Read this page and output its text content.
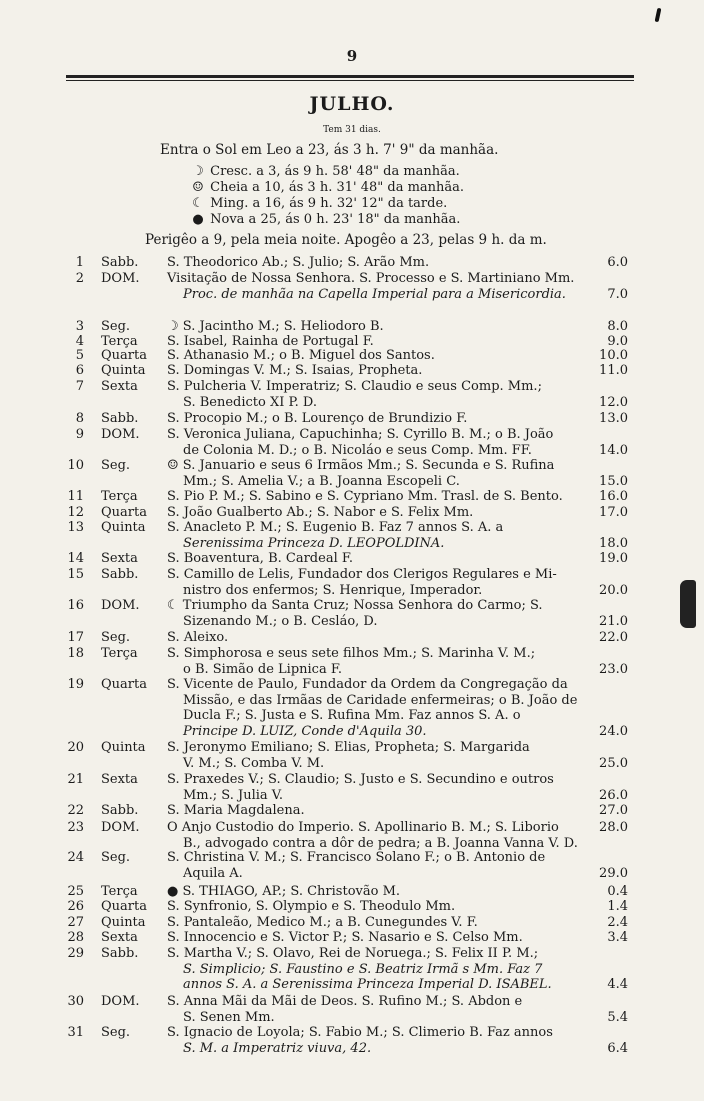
9
JULHO.
Tem 31 dias.
Entra o Sol em Leo a 23, ás 3 h. 7' 9" da manhãa.
☽ Cresc. a 3, ás 9 h. 58' 48" da manhãa.
☺ Cheia a 10, ás 3 h. 31' 48" da manhãa.
☾ Ming. a 16, ás 9 h. 32' 12" da tarde.
● Nova a 25, ás 0 h. 23' 18" da manhãa.
Perigêo a 9, pela meia noite. Apogêo a 23, pelas 9 h. da m.
1 Sabb. S. Theodorico Ab.; S. Julio; S. Arão Mm.	6.0
2 DOM. Visitação de Nossa Senhora. S. Processo e S. Martiniano Mm.
Proc. de manhãa na Capella Imperial para a Misericordia.	7.0
3 Seg.	☽ S. Jacintho M.; S. Heliodoro B.	8.0
4 Terça S. Isabel, Rainha de Portugal F.	9.0
5 Quarta S. Athanasio M.; o B. Miguel dos Santos.	10.0
6 Quinta S. Domingas V. M.; S. Isaias, Propheta.	11.0
7 Sexta S. Pulcheria V. Imperatriz; S. Claudio e seus Comp. Mm.;
S. Benedicto XI P. D.	12.0
8 Sabb. S. Procopio M.; o B. Lourenço de Brundizio F.	13.0
9 DOM. S. Veronica Juliana, Capuchinha; S. Cyrillo B. M.; o B. João
de Colonia M. D.; o B. Nicoláo e seus Comp. Mm. FF.	14.0
10 Seg.	☺ S. Januario e seus 6 Irmãos Mm.; S. Secunda e S. Rufina
Mm.; S. Amelia V.; a B. Joanna Escopeli C.	15.0
11 Terça S. Pio P. M.; S. Sabino e S. Cypriano Mm. Trasl. de S. Bento.	16.0
12 Quarta S. João Gualberto Ab.; S. Nabor e S. Felix Mm.	17.0
13 Quinta S. Anacleto P. M.; S. Eugenio B. Faz 7 annos S. A. a
Serenissima Princeza D. LEOPOLDINA.	18.0
14 Sexta S. Boaventura, B. Cardeal F.	19.0
15 Sabb. S. Camillo de Lelis, Fundador dos Clerigos Regulares e Mi-
nistro dos enfermos; S. Henrique, Imperador.	20.0
16 DOM. ☾ Triumpho da Santa Cruz; Nossa Senhora do Carmo; S.
Sizenando M.; o B. Cesláo, D.	21.0
17 Seg.	S. Aleixo.	22.0
18 Terça S. Simphorosa e seus sete filhos Mm.; S. Marinha V. M.;
o B. Simão de Lipnica F.	23.0
19 Quarta S. Vicente de Paulo, Fundador da Ordem da Congregação da
Missão, e das Irmãas de Caridade enfermeiras; o B. João de
Ducla F.; S. Justa e S. Rufina Mm. Faz annos S. A. o
Principe D. LUIZ, Conde d'Aquila 30.	24.0
20 Quinta S. Jeronymo Emiliano; S. Elias, Propheta; S. Margarida
V. M.; S. Comba V. M.	25.0
21 Sexta S. Praxedes V.; S. Claudio; S. Justo e S. Secundino e outros
Mm.; S. Julia V.	26.0
22 Sabb. S. Maria Magdalena.	27.0
23 DOM. O Anjo Custodio do Imperio. S. Apollinario B. M.; S. Liborio
B., advogado contra a dôr de pedra; a B. Joanna Vanna V. D.
28.0
24 Seg.	S. Christina V. M.; S. Francisco Solano F.; o B. Antonio de
Aquila A.	29.0
25 Terça ● S. THIAGO, AP.; S. Christovão M.	0.4
26 Quarta S. Synfronio, S. Olympio e S. Theodulo Mm.	1.4
27 Quinta S. Pantaleão, Medico M.; a B. Cunegundes V. F.	2.4
28 Sexta S. Innocencio e S. Victor P.; S. Nasario e S. Celso Mm.	3.4
29 Sabb. S. Martha V.; S. Olavo, Rei de Noruega.; S. Felix II P. M.;
S. Simplicio; S. Faustino e S. Beatriz Irmã s Mm. Faz 7
annos S. A. a Serenissima Princeza Imperial D. ISABEL.	4.4
30 DOM. S. Anna Mãi da Mãi de Deos. S. Rufino M.; S. Abdon e
S. Senen Mm.	5.4
31 Seg.	S. Ignacio de Loyola; S. Fabio M.; S. Climerio B. Faz annos
S. M. a Imperatriz viuva, 42.	6.4
